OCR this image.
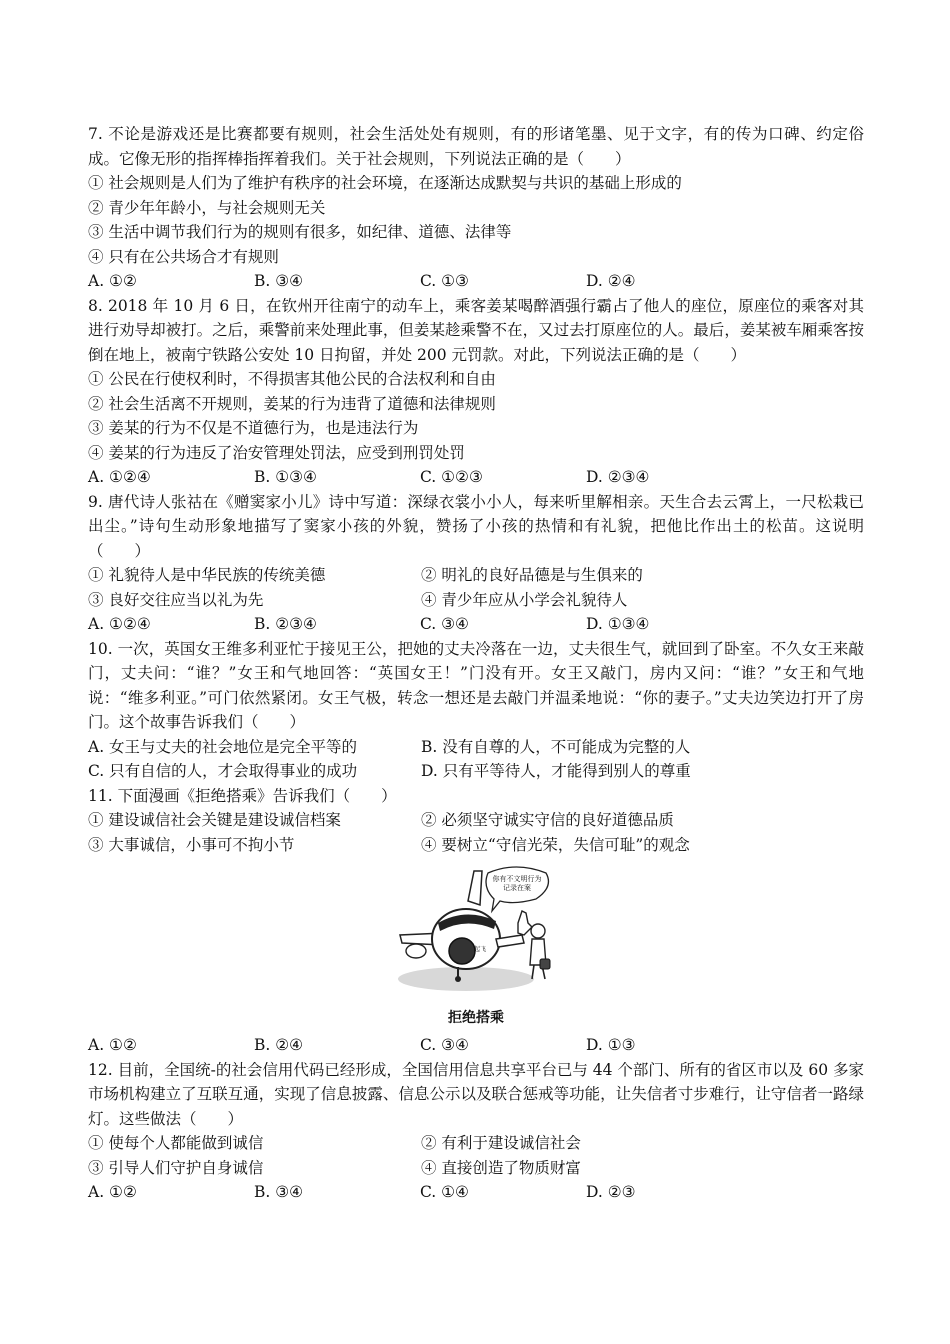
7. 不论是游戏还是比赛都要有规则，社会生活处处有规则，有的形诸笔墨、见于文字，有的传为口碑、约定俗成。它像无形的指挥棒指挥着我们。关于社会规则，下列说法正确的是（　　）
① 社会规则是人们为了维护有秩序的社会环境，在逐渐达成默契与共识的基础上形成的
② 青少年年龄小，与社会规则无关
③ 生活中调节我们行为的规则有很多，如纪律、道德、法律等
④ 只有在公共场合才有规则
A. ①②	B. ③④	C. ①③	D. ②④
8. 2018 年 10 月 6 日，在钦州开往南宁的动车上，乘客姜某喝醉酒强行霸占了他人的座位，原座位的乘客对其进行劝导却被打。之后，乘警前来处理此事，但姜某趁乘警不在，又过去打原座位的人。最后，姜某被车厢乘客按倒在地上，被南宁铁路公安处 10 日拘留，并处 200 元罚款。对此，下列说法正确的是（　　）
① 公民在行使权利时，不得损害其他公民的合法权利和自由
② 社会生活离不开规则，姜某的行为违背了道德和法律规则
③ 姜某的行为不仅是不道德行为，也是违法行为
④ 姜某的行为违反了治安管理处罚法，应受到刑罚处罚
A. ①②④	B. ①③④	C. ①②③	D. ②③④
9. 唐代诗人张祜在《赠窦家小儿》诗中写道：深绿衣裳小小人，每来听里解相亲。天生合去云霄上，一尺松栽已出尘。”诗句生动形象地描写了窦家小孩的外貌，赞扬了小孩的热情和有礼貌，把他比作出土的松苗。这说明（　　）
① 礼貌待人是中华民族的传统美德	② 明礼的良好品德是与生俱来的
③ 良好交往应当以礼为先	④ 青少年应从小学会礼貌待人
A. ①②④	B. ②③④	C. ③④	D. ①③④
10. 一次，英国女王维多利亚忙于接见王公，把她的丈夫冷落在一边，丈夫很生气，就回到了卧室。不久女王来敲门，丈夫问：“谁？”女王和气地回答：“英国女王！”门没有开。女王又敲门，房内又问：“谁？”女王和气地说：“维多利亚。”可门依然紧闭。女王气极，转念一想还是去敲门并温柔地说：“你的妻子。”丈夫边笑边打开了房门。这个故事告诉我们（　　）
A. 女王与丈夫的社会地位是完全平等的	B. 没有自尊的人，不可能成为完整的人
C. 只有自信的人，才会取得事业的成功	D. 只有平等待人，才能得到别人的尊重
11. 下面漫画《拒绝搭乘》告诉我们（　　）
① 建设诚信社会关键是建设诚信档案	② 必须坚守诚实守信的良好道德品质
③ 大事诚信，小事可不拘小节	④ 要树立“守信光荣，失信可耻”的观念
你有不文明行为记录在案
起飞
拒绝搭乘
A. ①②	B. ②④	C. ③④	D. ①③
12. 目前，全国统-的社会信用代码已经形成，全国信用信息共享平台已与 44 个部门、所有的省区市以及 60 多家市场机构建立了互联互通，实现了信息披露、信息公示以及联合惩戒等功能，让失信者寸步难行，让守信者一路绿灯。这些做法（　　）
① 使每个人都能做到诚信	② 有利于建设诚信社会
③ 引导人们守护自身诚信	④ 直接创造了物质财富
A. ①②	B. ③④	C. ①④	D. ②③
